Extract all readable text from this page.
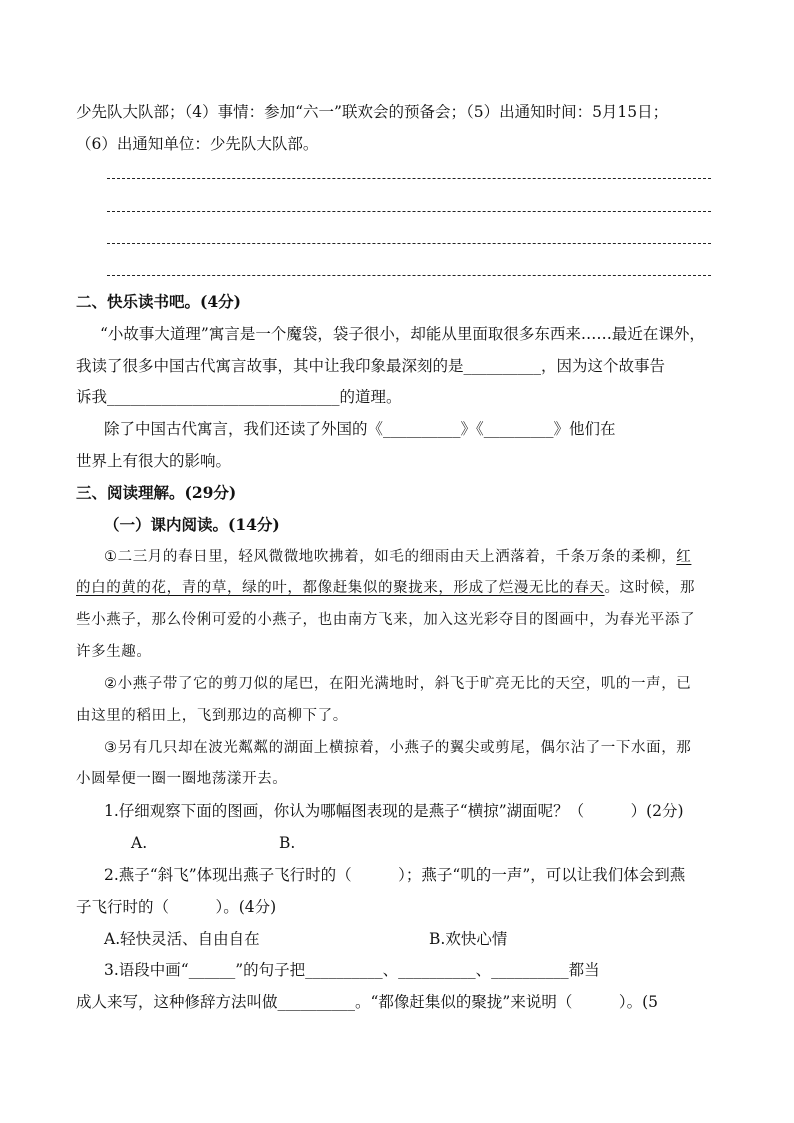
少先队大队部；（4）事情：参加“六一”联欢会的预备会；（5）出通知时间：5月15日；
（6）出通知单位：少先队大队部。
二、快乐读书吧。(4分)
“小故事大道理”寓言是一个魔袋，袋子很小，却能从里面取很多东西来……最近在课外，
我读了很多中国古代寓言故事，其中让我印象最深刻的是__________，因为这个故事告
诉我______________________________的道理。
除了中国古代寓言，我们还读了外国的《__________》《_________》他们在
世界上有很大的影响。
三、阅读理解。(29分)
（一）课内阅读。(14分)
①二三月的春日里，轻风微微地吹拂着，如毛的细雨由天上洒落着，千条万条的柔柳，红
的白的黄的花，青的草，绿的叶，都像赶集似的聚拢来，形成了烂漫无比的春天。这时候，那
些小燕子，那么伶俐可爱的小燕子，也由南方飞来，加入这光彩夺目的图画中，为春光平添了
许多生趣。
②小燕子带了它的剪刀似的尾巴，在阳光满地时，斜飞于旷亮无比的天空，叽的一声，已
由这里的稻田上，飞到那边的高柳下了。
③另有几只却在波光粼粼的湖面上横掠着，小燕子的翼尖或剪尾，偶尔沾了一下水面，那
小圆晕便一圈一圈地荡漾开去。
1.仔细观察下面的图画，你认为哪幅图表现的是燕子“横掠”湖面呢？（　　　）(2分)
A.	B.
2.燕子“斜飞”体现出燕子飞行时的（　　　）；燕子“叽的一声”，可以让我们体会到燕
子飞行时的（　　　）。(4分)
A.轻快灵活、自由自在	B.欢快心情
3.语段中画“______”的句子把__________、__________、__________都当
成人来写，这种修辞方法叫做__________。“都像赶集似的聚拢”来说明（　　　）。(5
